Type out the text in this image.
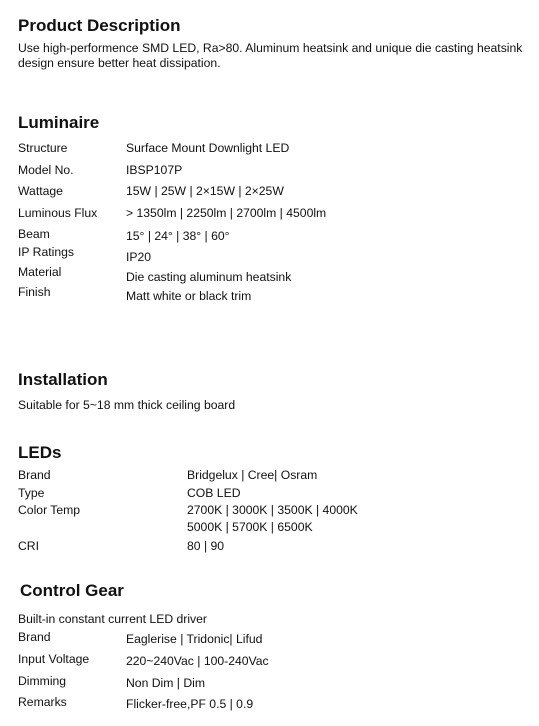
Product Description
Use high-performence SMD LED, Ra>80. Aluminum heatsink and unique die casting heatsink design ensure better heat dissipation.
Luminaire
Structure	Surface Mount Downlight LED
Model No.	IBSP107P
Wattage	15W | 25W | 2×15W | 2×25W
Luminous Flux > 1350lm | 2250lm | 2700lm | 4500lm
Beam	15° | 24° | 38° | 60°
IP Ratings	IP20
Material	Die casting aluminum heatsink
Finish	Matt white or black trim
Installation
Suitable for 5~18 mm thick ceiling board
LEDs
Brand	Bridgelux | Cree| Osram
Type	COB LED
Color Temp	2700K | 3000K | 3500K | 4000K
5000K | 5700K | 6500K
CRI	80 | 90
Control Gear
Built-in constant current LED driver
Brand	Eaglerise | Tridonic| Lifud
Input Voltage	220~240Vac | 100-240Vac
Dimming	Non Dim | Dim
Remarks	Flicker-free,PF 0.5 | 0.9
